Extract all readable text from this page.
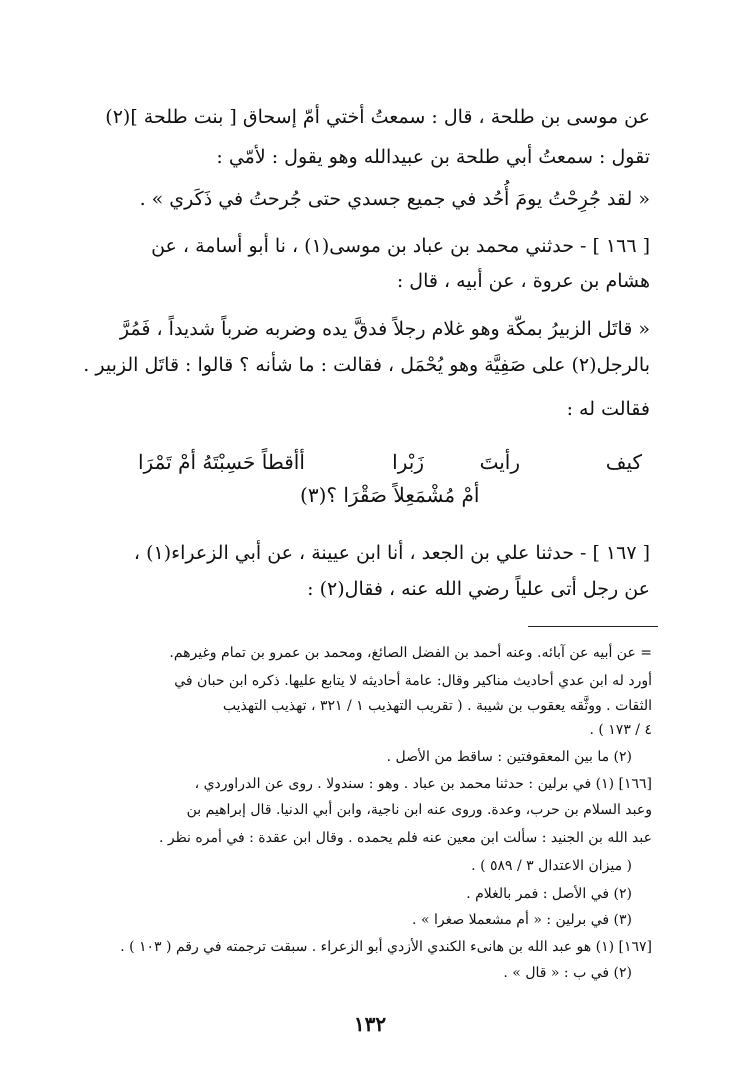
عن موسى بن طلحة ، قال : سمعتُ أختي أمّ إسحاق [ بنت طلحة ](٢)
تقول : سمعتُ أبي طلحة بن عبيدالله وهو يقول : لأمّي :
« لقد جُرِحْتُ يومَ أُحُد في جميع جسدي حتى جُرحتُ في ذَكَري » .
[ ١٦٦ ] - حدثني محمد بن عباد بن موسى(١) ، نا أبو أسامة ، عن
هشام بن عروة ، عن أبيه ، قال :
« قاتَل الزبيرُ بمكّة وهو غلام رجلاً فدقَّ يده وضربه ضرباً شديداً ، فَمُرَّ
بالرجل(٢) على صَفِيَّة وهو يُحْمَل ، فقالت : ما شأنه ؟ قالوا : قاتَل الزبير .
فقالت له :
كيف
رأيتَ
زَبْرا
أأقطاً حَسِبْتَهُ أمْ تَمْرَا
أمْ مُشْمَعِلاً صَقْرَا ؟(٣)
[ ١٦٧ ] - حدثنا علي بن الجعد ، أنا ابن عيينة ، عن أبي الزعراء(١) ،
عن رجل أتى علياً رضي الله عنه ، فقال(٢) :
= عن أبيه عن آبائه. وعنه أحمد بن الفضل الصائغ، ومحمد بن عمرو بن تمام وغيرهم.
أورد له ابن عدي أحاديث مناكير وقال: عامة أحاديثه لا يتابع عليها. ذكره ابن حبان في
الثقات . ووثَّقه يعقوب بن شيبة . ( تقريب التهذيب ١ / ٣٢١ ، تهذيب التهذيب
٤ / ١٧٣ ) .
(٢) ما بين المعقوفتين : ساقط من الأصل .
[١٦٦] (١) في برلين : حدثنا محمد بن عباد . وهو : سندولا . روى عن الدراوردي ،
وعبد السلام بن حرب، وعدة. وروى عنه ابن ناجية، وابن أبي الدنيا. قال إبراهيم بن
عبد الله بن الجنيد : سألت ابن معين عنه فلم يحمده . وقال ابن عقدة : في أمره نظر .
( ميزان الاعتدال ٣ / ٥٨٩ ) .
(٢) في الأصل : فمر بالغلام .
(٣) في برلين : « أم مشعملا صغرا » .
[١٦٧] (١) هو عبد الله بن هانىء الكندي الأزدي أبو الزعراء . سبقت ترجمته في رقم ( ١٠٣ ) .
(٢) في ب : « قال » .
١٣٢
